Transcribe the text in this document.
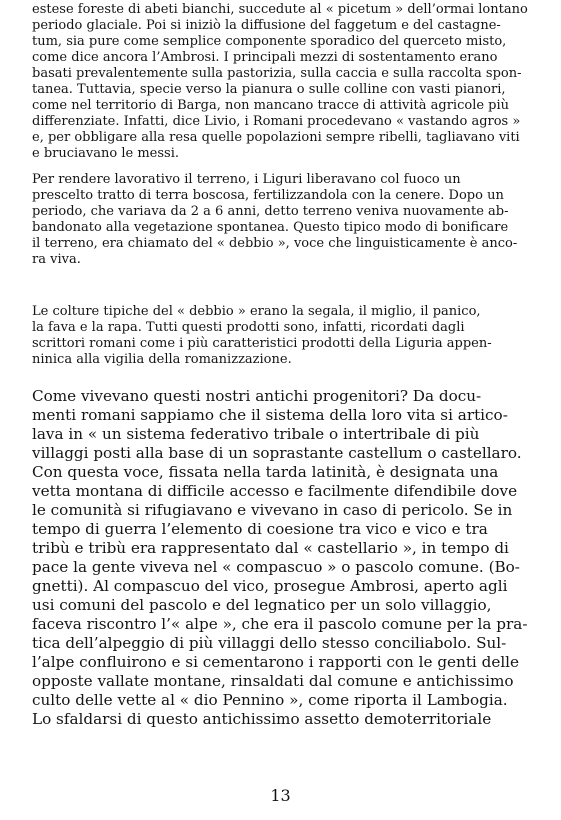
estese foreste di abeti bianchi, succedute al « picetum » dell’ormai lontano
periodo glaciale. Poi si iniziò la diffusione del faggetum e del castagne-
tum, sia pure come semplice componente sporadico del querceto misto,
come dice ancora l’Ambrosi. I principali mezzi di sostentamento erano
basati prevalentemente sulla pastorizia, sulla caccia e sulla raccolta spon-
tanea. Tuttavia, specie verso la pianura o sulle colline con vasti pianori,
come nel territorio di Barga, non mancano tracce di attività agricole più
differenziate. Infatti, dice Livio, i Romani procedevano « vastando agros »
e, per obbligare alla resa quelle popolazioni sempre ribelli, tagliavano viti
e bruciavano le messi.
Per rendere lavorativo il terreno, i Liguri liberavano col fuoco un
prescelto tratto di terra boscosa, fertilizzandola con la cenere. Dopo un
periodo, che variava da 2 a 6 anni, detto terreno veniva nuovamente ab-
bandonato alla vegetazione spontanea. Questo tipico modo di bonificare
il terreno, era chiamato del « debbio », voce che linguisticamente è anco-
ra viva.
Le colture tipiche del « debbio » erano la segala, il miglio, il panico,
la fava e la rapa. Tutti questi prodotti sono, infatti, ricordati dagli
scrittori romani come i più caratteristici prodotti della Liguria appen-
ninica alla vigilia della romanizzazione.
Come vivevano questi nostri antichi progenitori? Da docu-
menti romani sappiamo che il sistema della loro vita si artico-
lava in « un sistema federativo tribale o intertribale di più
villaggi posti alla base di un soprastante castellum o castellaro.
Con questa voce, fissata nella tarda latinità, è designata una
vetta montana di difficile accesso e facilmente difendibile dove
le comunità si rifugiavano e vivevano in caso di pericolo. Se in
tempo di guerra l’elemento di coesione tra vico e vico e tra
tribù e tribù era rappresentato dal « castellario », in tempo di
pace la gente viveva nel « compascuo » o pascolo comune. (Bo-
gnetti). Al compascuo del vico, prosegue Ambrosi, aperto agli
usi comuni del pascolo e del legnatico per un solo villaggio,
faceva riscontro l’« alpe », che era il pascolo comune per la pra-
tica dell’alpeggio di più villaggi dello stesso conciliabolo. Sul-
l’alpe confluirono e si cementarono i rapporti con le genti delle
opposte vallate montane, rinsaldati dal comune e antichissimo
culto delle vette al « dio Pennino », come riporta il Lambogia.
Lo sfaldarsi di questo antichissimo assetto demoterritoriale
13
